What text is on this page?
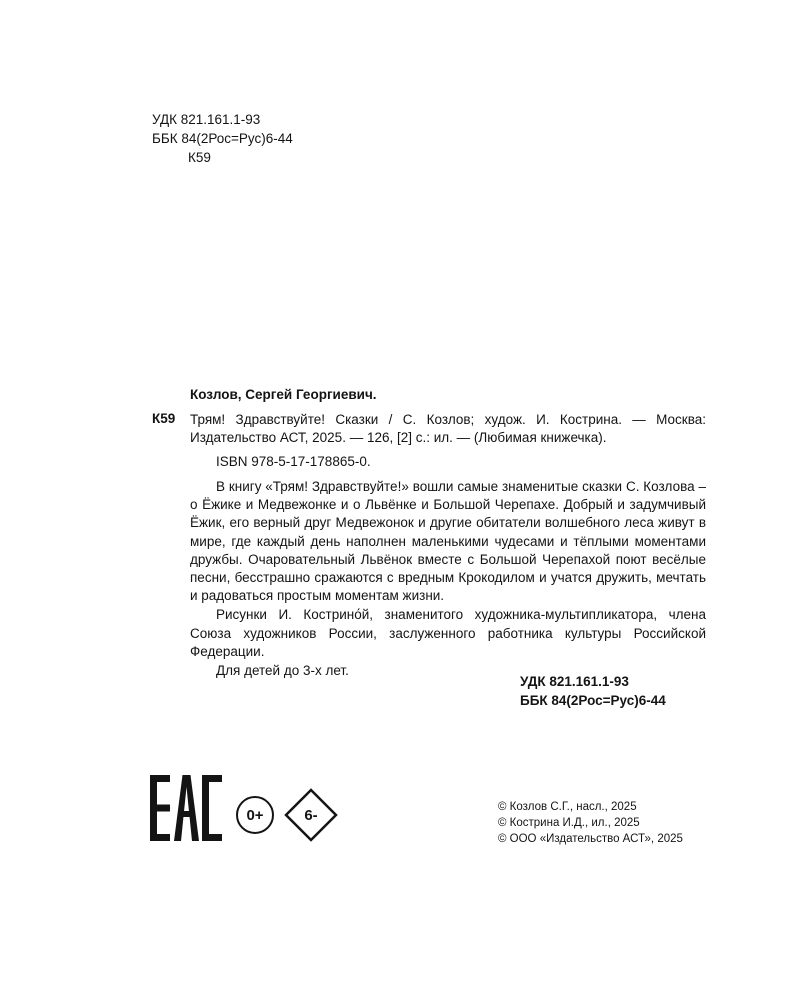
УДК 821.161.1-93
ББК 84(2Рос=Рус)6-44
К59
Козлов, Сергей Георгиевич.
К59 Трям! Здравствуйте! Сказки / С. Козлов; худож. И. Кострина. — Москва: Издательство АСТ, 2025. — 126, [2] с.: ил. — (Любимая книжечка).
ISBN 978-5-17-178865-0.

В книгу «Трям! Здравствуйте!» вошли самые знаменитые сказки С. Козлова – о Ёжике и Медвежонке и о Львёнке и Большой Черепахе. Добрый и задумчивый Ёжик, его верный друг Медвежонок и другие обитатели волшебного леса живут в мире, где каждый день наполнен маленькими чудесами и тёплыми моментами дружбы. Очаровательный Львёнок вместе с Большой Черепахой поют весёлые песни, бесстрашно сражаются с вредным Крокодилом и учатся дружить, мечтать и радоваться простым моментам жизни.

Рисунки И. Кострино́й, знаменитого художника-мультипликатора, члена Союза художников России, заслуженного работника культуры Российской Федерации.

Для детей до 3-х лет.

УДК 821.161.1-93
ББК 84(2Рос=Рус)6-44
0+	6-	© Козлов С.Г., насл., 2025
© Кострина И.Д., ил., 2025
© ООО «Издательство АСТ», 2025
